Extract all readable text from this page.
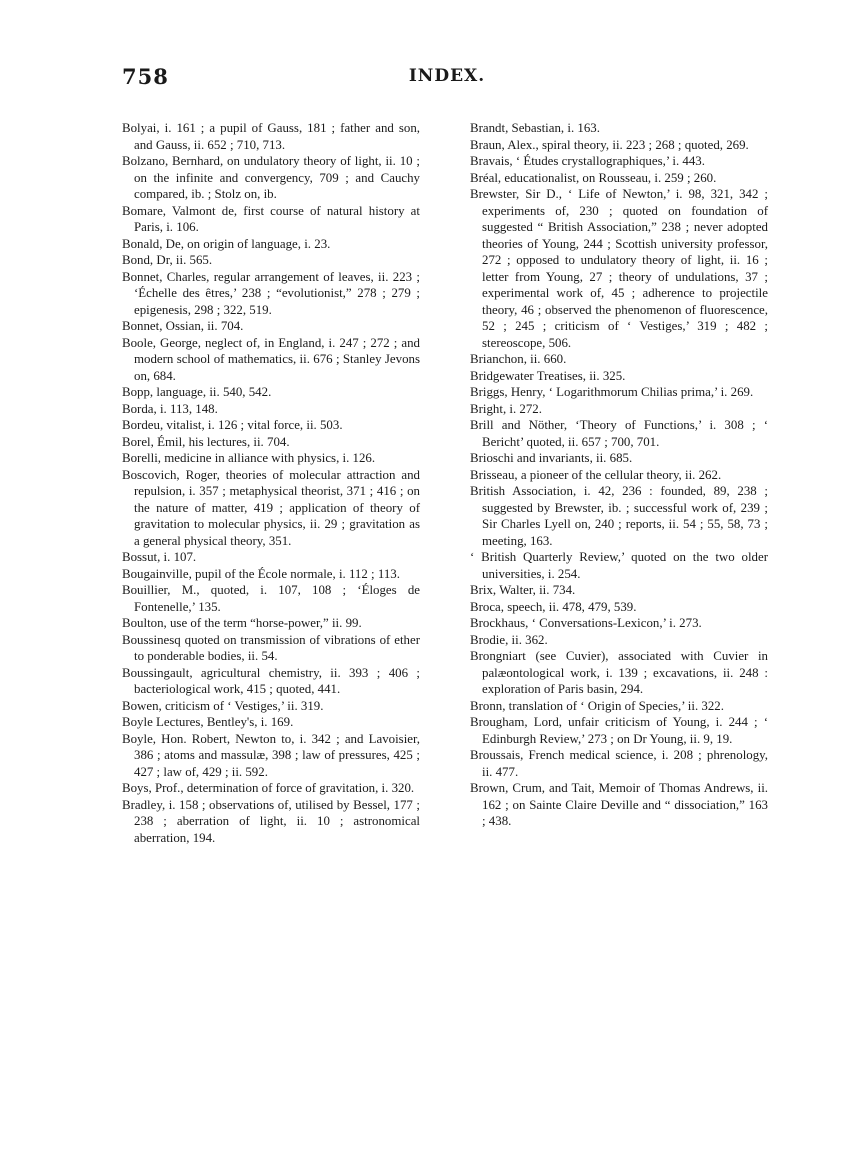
758	INDEX.
Bolyai, i. 161 ; a pupil of Gauss, 181 ; father and son, and Gauss, ii. 652 ; 710, 713.
Bolzano, Bernhard, on undulatory theory of light, ii. 10 ; on the infinite and convergency, 709 ; and Cauchy compared, ib. ; Stolz on, ib.
Bomare, Valmont de, first course of natural history at Paris, i. 106.
Bonald, De, on origin of language, i. 23.
Bond, Dr, ii. 565.
Bonnet, Charles, regular arrangement of leaves, ii. 223 ; ‘Échelle des êtres,’ 238 ; “evolutionist,” 278 ; 279 ; epigenesis, 298 ; 322, 519.
Bonnet, Ossian, ii. 704.
Boole, George, neglect of, in England, i. 247 ; 272 ; and modern school of mathematics, ii. 676 ; Stanley Jevons on, 684.
Bopp, language, ii. 540, 542.
Borda, i. 113, 148.
Bordeu, vitalist, i. 126 ; vital force, ii. 503.
Borel, Émil, his lectures, ii. 704.
Borelli, medicine in alliance with physics, i. 126.
Boscovich, Roger, theories of molecular attraction and repulsion, i. 357 ; metaphysical theorist, 371 ; 416 ; on the nature of matter, 419 ; application of theory of gravitation to molecular physics, ii. 29 ; gravitation as a general physical theory, 351.
Bossut, i. 107.
Bougainville, pupil of the École normale, i. 112 ; 113.
Bouillier, M., quoted, i. 107, 108 ; ‘Éloges de Fontenelle,’ 135.
Boulton, use of the term “horse-power,” ii. 99.
Boussinesq quoted on transmission of vibrations of ether to ponderable bodies, ii. 54.
Boussingault, agricultural chemistry, ii. 393 ; 406 ; bacteriological work, 415 ; quoted, 441.
Bowen, criticism of ‘ Vestiges,’ ii. 319.
Boyle Lectures, Bentley's, i. 169.
Boyle, Hon. Robert, Newton to, i. 342 ; and Lavoisier, 386 ; atoms and massulæ, 398 ; law of pressures, 425 ; 427 ; law of, 429 ; ii. 592.
Boys, Prof., determination of force of gravitation, i. 320.
Bradley, i. 158 ; observations of, utilised by Bessel, 177 ; 238 ; aberration of light, ii. 10 ; astronomical aberration, 194.
Brandt, Sebastian, i. 163.
Braun, Alex., spiral theory, ii. 223 ; 268 ; quoted, 269.
Bravais, ‘ Études crystallographiques,’ i. 443.
Bréal, educationalist, on Rousseau, i. 259 ; 260.
Brewster, Sir D., ‘ Life of Newton,’ i. 98, 321, 342 ; experiments of, 230 ; quoted on foundation of suggested “ British Association,” 238 ; never adopted theories of Young, 244 ; Scottish university professor, 272 ; opposed to undulatory theory of light, ii. 16 ; letter from Young, 27 ; theory of undulations, 37 ; experimental work of, 45 ; adherence to projectile theory, 46 ; observed the phenomenon of fluorescence, 52 ; 245 ; criticism of ‘ Vestiges,’ 319 ; 482 ; stereoscope, 506.
Brianchon, ii. 660.
Bridgewater Treatises, ii. 325.
Briggs, Henry, ‘ Logarithmorum Chilias prima,’ i. 269.
Bright, i. 272.
Brill and Nöther, ‘Theory of Functions,’ i. 308 ; ‘ Bericht’ quoted, ii. 657 ; 700, 701.
Brioschi and invariants, ii. 685.
Brisseau, a pioneer of the cellular theory, ii. 262.
British Association, i. 42, 236 : founded, 89, 238 ; suggested by Brewster, ib. ; successful work of, 239 ; Sir Charles Lyell on, 240 ; reports, ii. 54 ; 55, 58, 73 ; meeting, 163.
‘ British Quarterly Review,’ quoted on the two older universities, i. 254.
Brix, Walter, ii. 734.
Broca, speech, ii. 478, 479, 539.
Brockhaus, ‘ Conversations-Lexicon,’ i. 273.
Brodie, ii. 362.
Brongniart (see Cuvier), associated with Cuvier in palæontological work, i. 139 ; excavations, ii. 248 : exploration of Paris basin, 294.
Bronn, translation of ‘ Origin of Species,’ ii. 322.
Brougham, Lord, unfair criticism of Young, i. 244 ; ‘ Edinburgh Review,’ 273 ; on Dr Young, ii. 9, 19.
Broussais, French medical science, i. 208 ; phrenology, ii. 477.
Brown, Crum, and Tait, Memoir of Thomas Andrews, ii. 162 ; on Sainte Claire Deville and “ dissociation,” 163 ; 438.
